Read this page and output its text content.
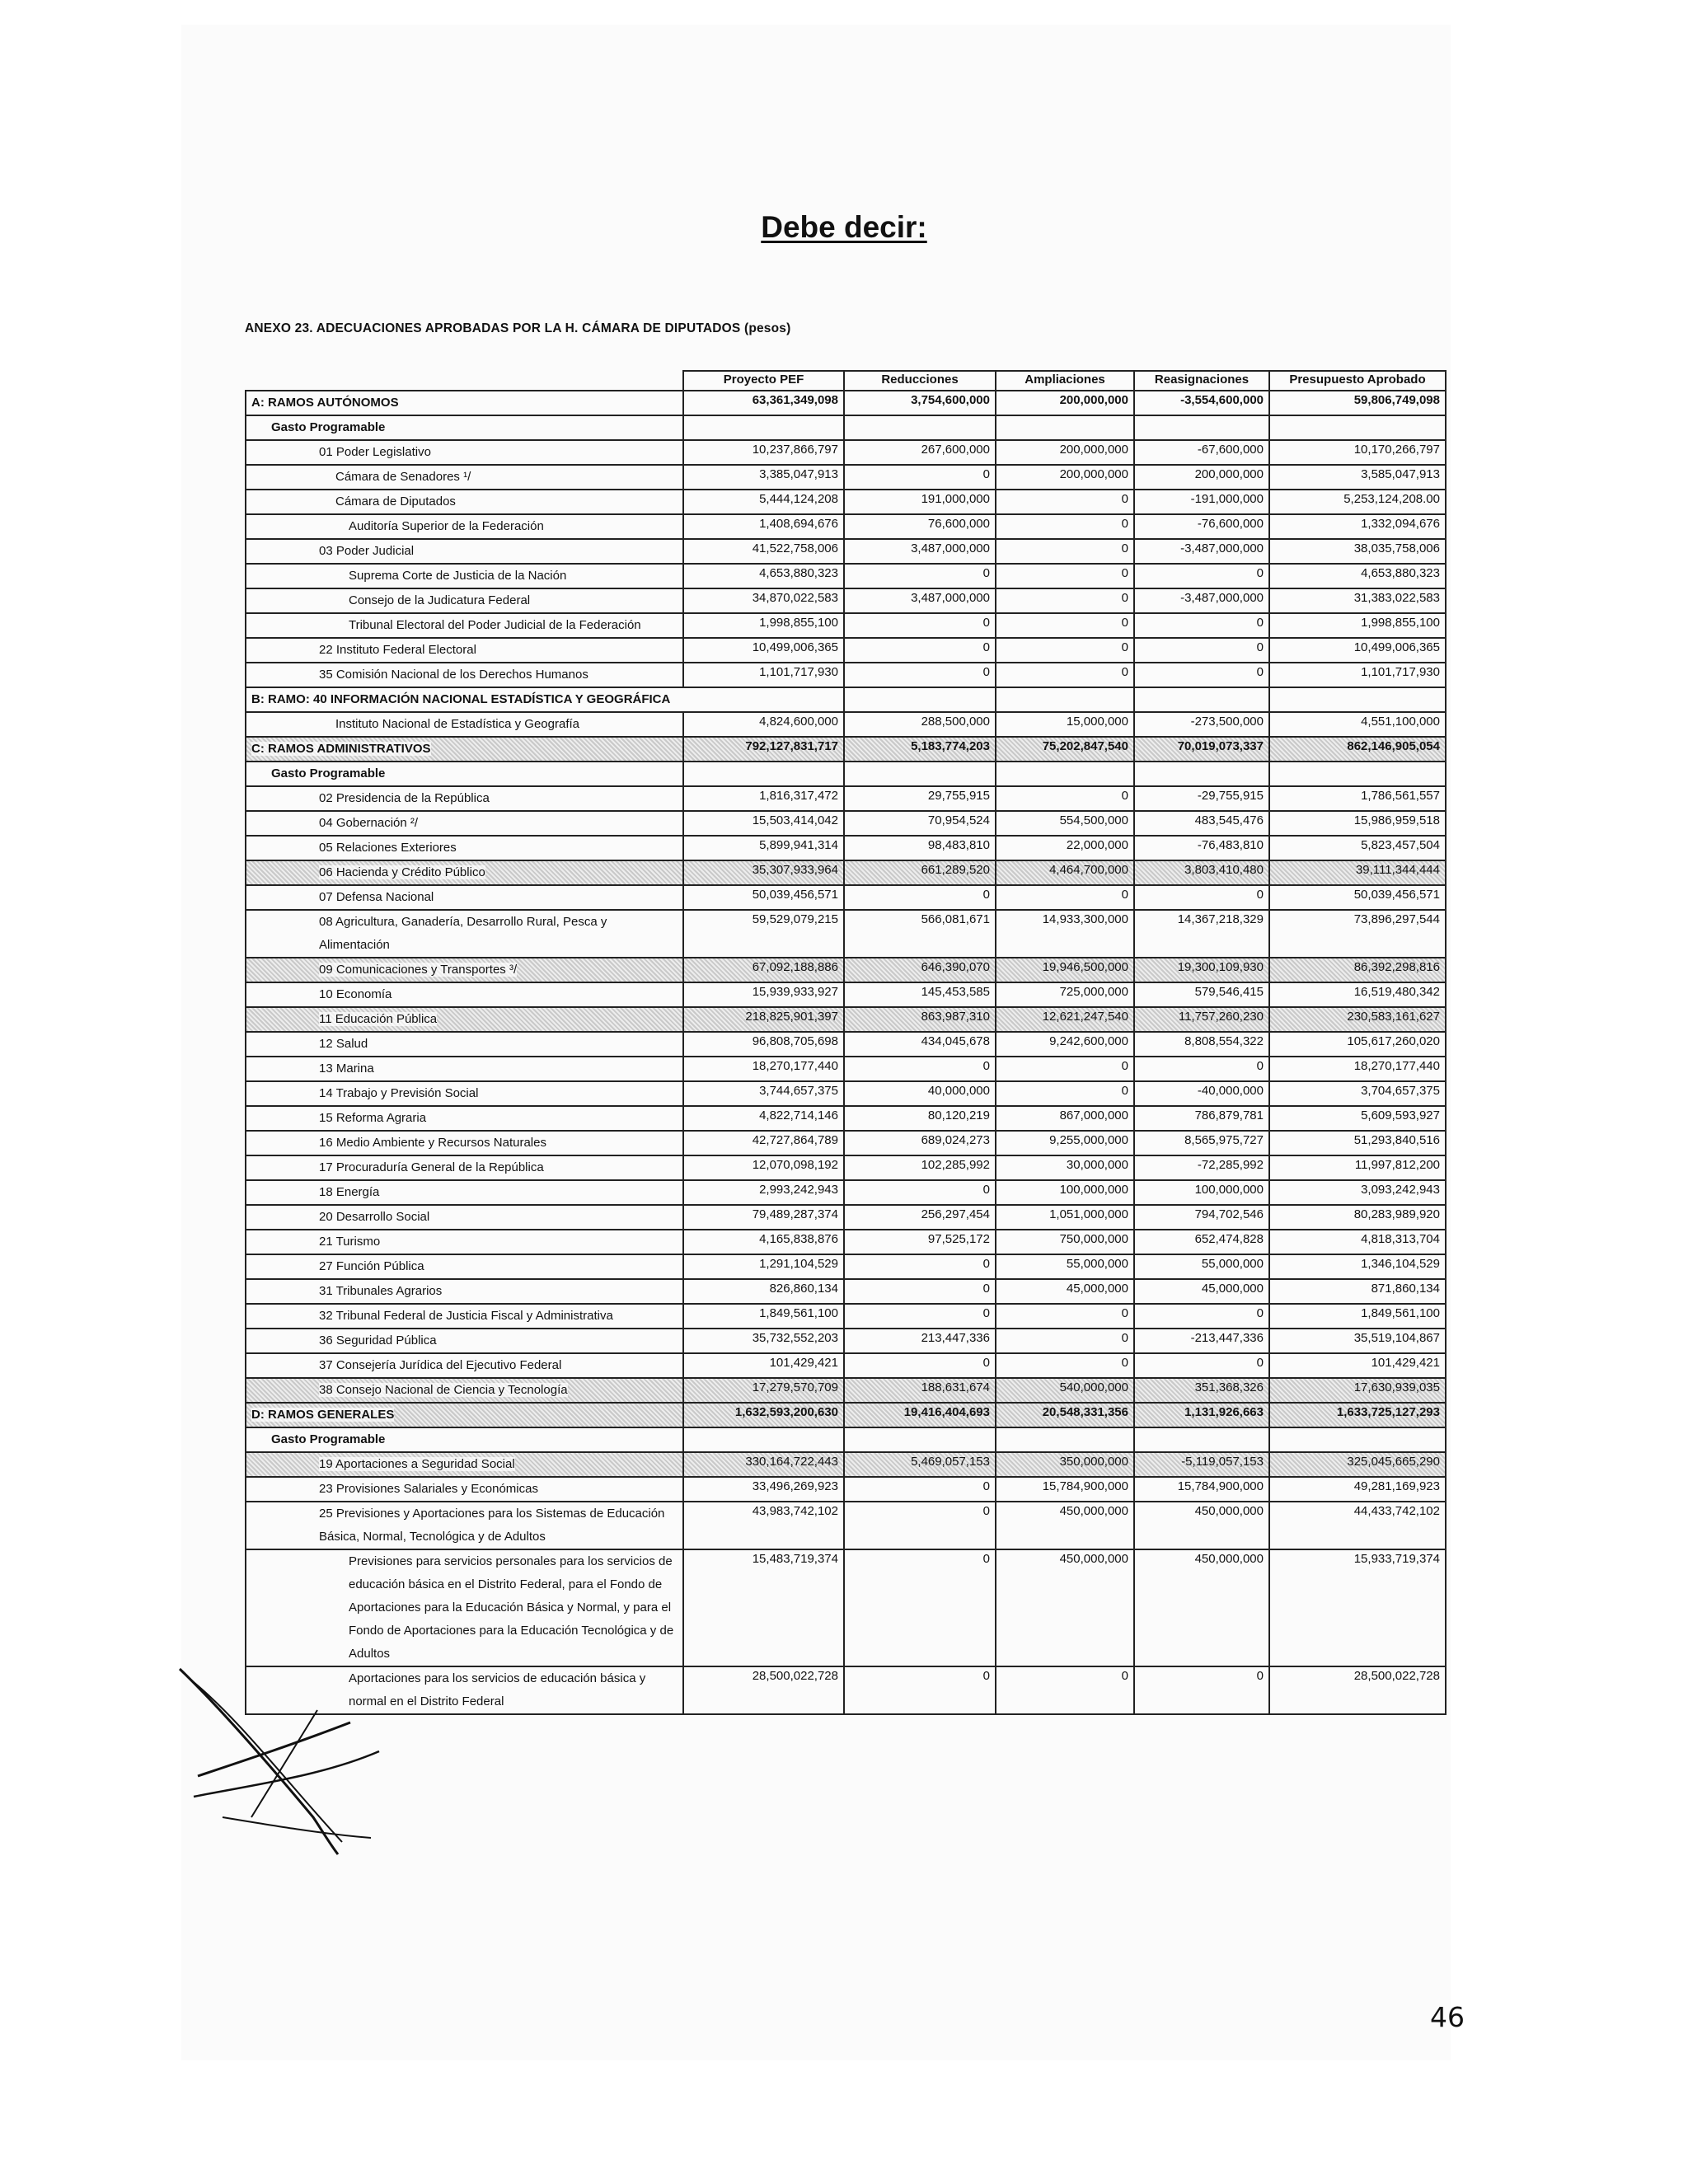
Debe decir:
ANEXO 23. ADECUACIONES APROBADAS POR LA H. CÁMARA DE DIPUTADOS (pesos)
	Proyecto PEF	Reducciones	Ampliaciones	Reasignaciones	Presupuesto Aprobado
A: RAMOS AUTÓNOMOS	63,361,349,098	3,754,600,000	200,000,000	-3,554,600,000	59,806,749,098
Gasto Programable					
01 Poder Legislativo	10,237,866,797	267,600,000	200,000,000	-67,600,000	10,170,266,797
Cámara de Senadores ¹/	3,385,047,913	0	200,000,000	200,000,000	3,585,047,913
Cámara de Diputados	5,444,124,208	191,000,000	0	-191,000,000	5,253,124,208.00
Auditoría Superior de la Federación	1,408,694,676	76,600,000	0	-76,600,000	1,332,094,676
03 Poder Judicial	41,522,758,006	3,487,000,000	0	-3,487,000,000	38,035,758,006
Suprema Corte de Justicia de la Nación	4,653,880,323	0	0	0	4,653,880,323
Consejo de la Judicatura Federal	34,870,022,583	3,487,000,000	0	-3,487,000,000	31,383,022,583
Tribunal Electoral del Poder Judicial de la Federación	1,998,855,100	0	0	0	1,998,855,100
22 Instituto Federal Electoral	10,499,006,365	0	0	0	10,499,006,365
35 Comisión Nacional de los Derechos Humanos	1,101,717,930	0	0	0	1,101,717,930
B: RAMO: 40 INFORMACIÓN NACIONAL ESTADÍSTICA Y GEOGRÁFICA					
Instituto Nacional de Estadística y Geografía	4,824,600,000	288,500,000	15,000,000	-273,500,000	4,551,100,000
C: RAMOS ADMINISTRATIVOS	792,127,831,717	5,183,774,203	75,202,847,540	70,019,073,337	862,146,905,054
Gasto Programable					
02 Presidencia de la República	1,816,317,472	29,755,915	0	-29,755,915	1,786,561,557
04 Gobernación ²/	15,503,414,042	70,954,524	554,500,000	483,545,476	15,986,959,518
05 Relaciones Exteriores	5,899,941,314	98,483,810	22,000,000	-76,483,810	5,823,457,504
06 Hacienda y Crédito Público	35,307,933,964	661,289,520	4,464,700,000	3,803,410,480	39,111,344,444
07 Defensa Nacional	50,039,456,571	0	0	0	50,039,456,571
08 Agricultura, Ganadería, Desarrollo Rural, Pesca y Alimentación	59,529,079,215	566,081,671	14,933,300,000	14,367,218,329	73,896,297,544
09 Comunicaciones y Transportes ³/	67,092,188,886	646,390,070	19,946,500,000	19,300,109,930	86,392,298,816
10 Economía	15,939,933,927	145,453,585	725,000,000	579,546,415	16,519,480,342
11 Educación Pública	218,825,901,397	863,987,310	12,621,247,540	11,757,260,230	230,583,161,627
12 Salud	96,808,705,698	434,045,678	9,242,600,000	8,808,554,322	105,617,260,020
13 Marina	18,270,177,440	0	0	0	18,270,177,440
14 Trabajo y Previsión Social	3,744,657,375	40,000,000	0	-40,000,000	3,704,657,375
15 Reforma Agraria	4,822,714,146	80,120,219	867,000,000	786,879,781	5,609,593,927
16 Medio Ambiente y Recursos Naturales	42,727,864,789	689,024,273	9,255,000,000	8,565,975,727	51,293,840,516
17 Procuraduría General de la República	12,070,098,192	102,285,992	30,000,000	-72,285,992	11,997,812,200
18 Energía	2,993,242,943	0	100,000,000	100,000,000	3,093,242,943
20 Desarrollo Social	79,489,287,374	256,297,454	1,051,000,000	794,702,546	80,283,989,920
21 Turismo	4,165,838,876	97,525,172	750,000,000	652,474,828	4,818,313,704
27 Función Pública	1,291,104,529	0	55,000,000	55,000,000	1,346,104,529
31 Tribunales Agrarios	826,860,134	0	45,000,000	45,000,000	871,860,134
32 Tribunal Federal de Justicia Fiscal y Administrativa	1,849,561,100	0	0	0	1,849,561,100
36 Seguridad Pública	35,732,552,203	213,447,336	0	-213,447,336	35,519,104,867
37 Consejería Jurídica del Ejecutivo Federal	101,429,421	0	0	0	101,429,421
38 Consejo Nacional de Ciencia y Tecnología	17,279,570,709	188,631,674	540,000,000	351,368,326	17,630,939,035
D: RAMOS GENERALES	1,632,593,200,630	19,416,404,693	20,548,331,356	1,131,926,663	1,633,725,127,293
Gasto Programable					
19 Aportaciones a Seguridad Social	330,164,722,443	5,469,057,153	350,000,000	-5,119,057,153	325,045,665,290
23 Provisiones Salariales y Económicas	33,496,269,923	0	15,784,900,000	15,784,900,000	49,281,169,923
25 Previsiones y Aportaciones para los Sistemas de Educación Básica, Normal, Tecnológica y de Adultos	43,983,742,102	0	450,000,000	450,000,000	44,433,742,102
Previsiones para servicios personales para los servicios de educación básica en el Distrito Federal, para el Fondo de Aportaciones para la Educación Básica y Normal, y para el Fondo de Aportaciones para la Educación Tecnológica y de Adultos	15,483,719,374	0	450,000,000	450,000,000	15,933,719,374
Aportaciones para los servicios de educación básica y normal en el Distrito Federal	28,500,022,728	0	0	0	28,500,022,728
46
